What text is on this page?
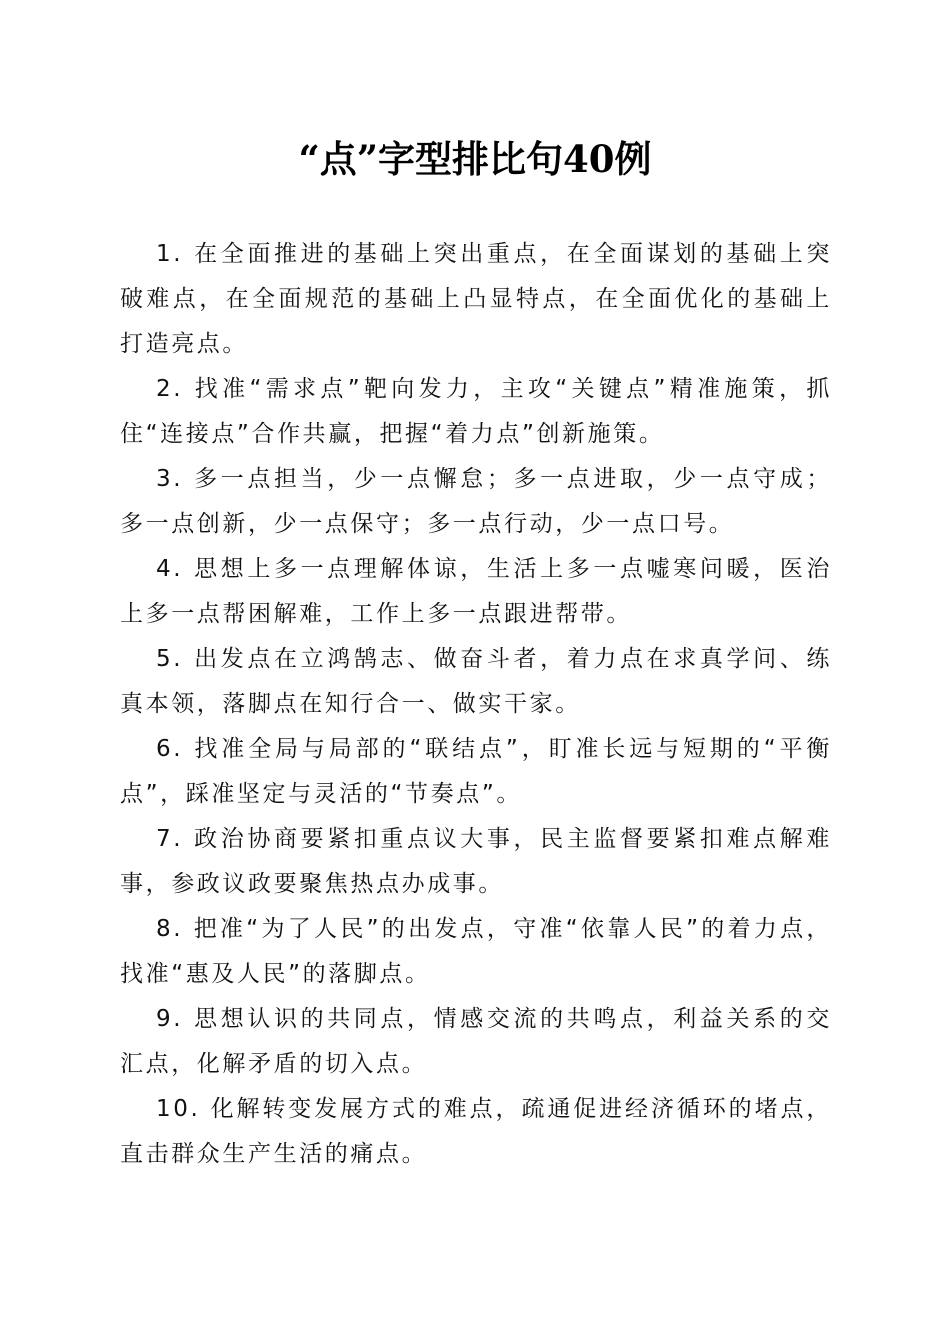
“点”字型排比句40例

1. 在全面推进的基础上突出重点，在全面谋划的基础上突破难点，在全面规范的基础上凸显特点，在全面优化的基础上打造亮点。

2. 找准“需求点”靶向发力，主攻“关键点”精准施策，抓住“连接点”合作共赢，把握“着力点”创新施策。

3. 多一点担当，少一点懈怠；多一点进取，少一点守成；多一点创新，少一点保守；多一点行动，少一点口号。

4. 思想上多一点理解体谅，生活上多一点嘘寒问暖，医治上多一点帮困解难，工作上多一点跟进帮带。

5. 出发点在立鸿鹄志、做奋斗者，着力点在求真学问、练真本领，落脚点在知行合一、做实干家。

6. 找准全局与局部的“联结点”，盯准长远与短期的“平衡点”，踩准坚定与灵活的“节奏点”。

7. 政治协商要紧扣重点议大事，民主监督要紧扣难点解难事，参政议政要聚焦热点办成事。

8. 把准“为了人民”的出发点，守准“依靠人民”的着力点，找准“惠及人民”的落脚点。

9. 思想认识的共同点，情感交流的共鸣点，利益关系的交汇点，化解矛盾的切入点。

10. 化解转变发展方式的难点，疏通促进经济循环的堵点，直击群众生产生活的痛点。
